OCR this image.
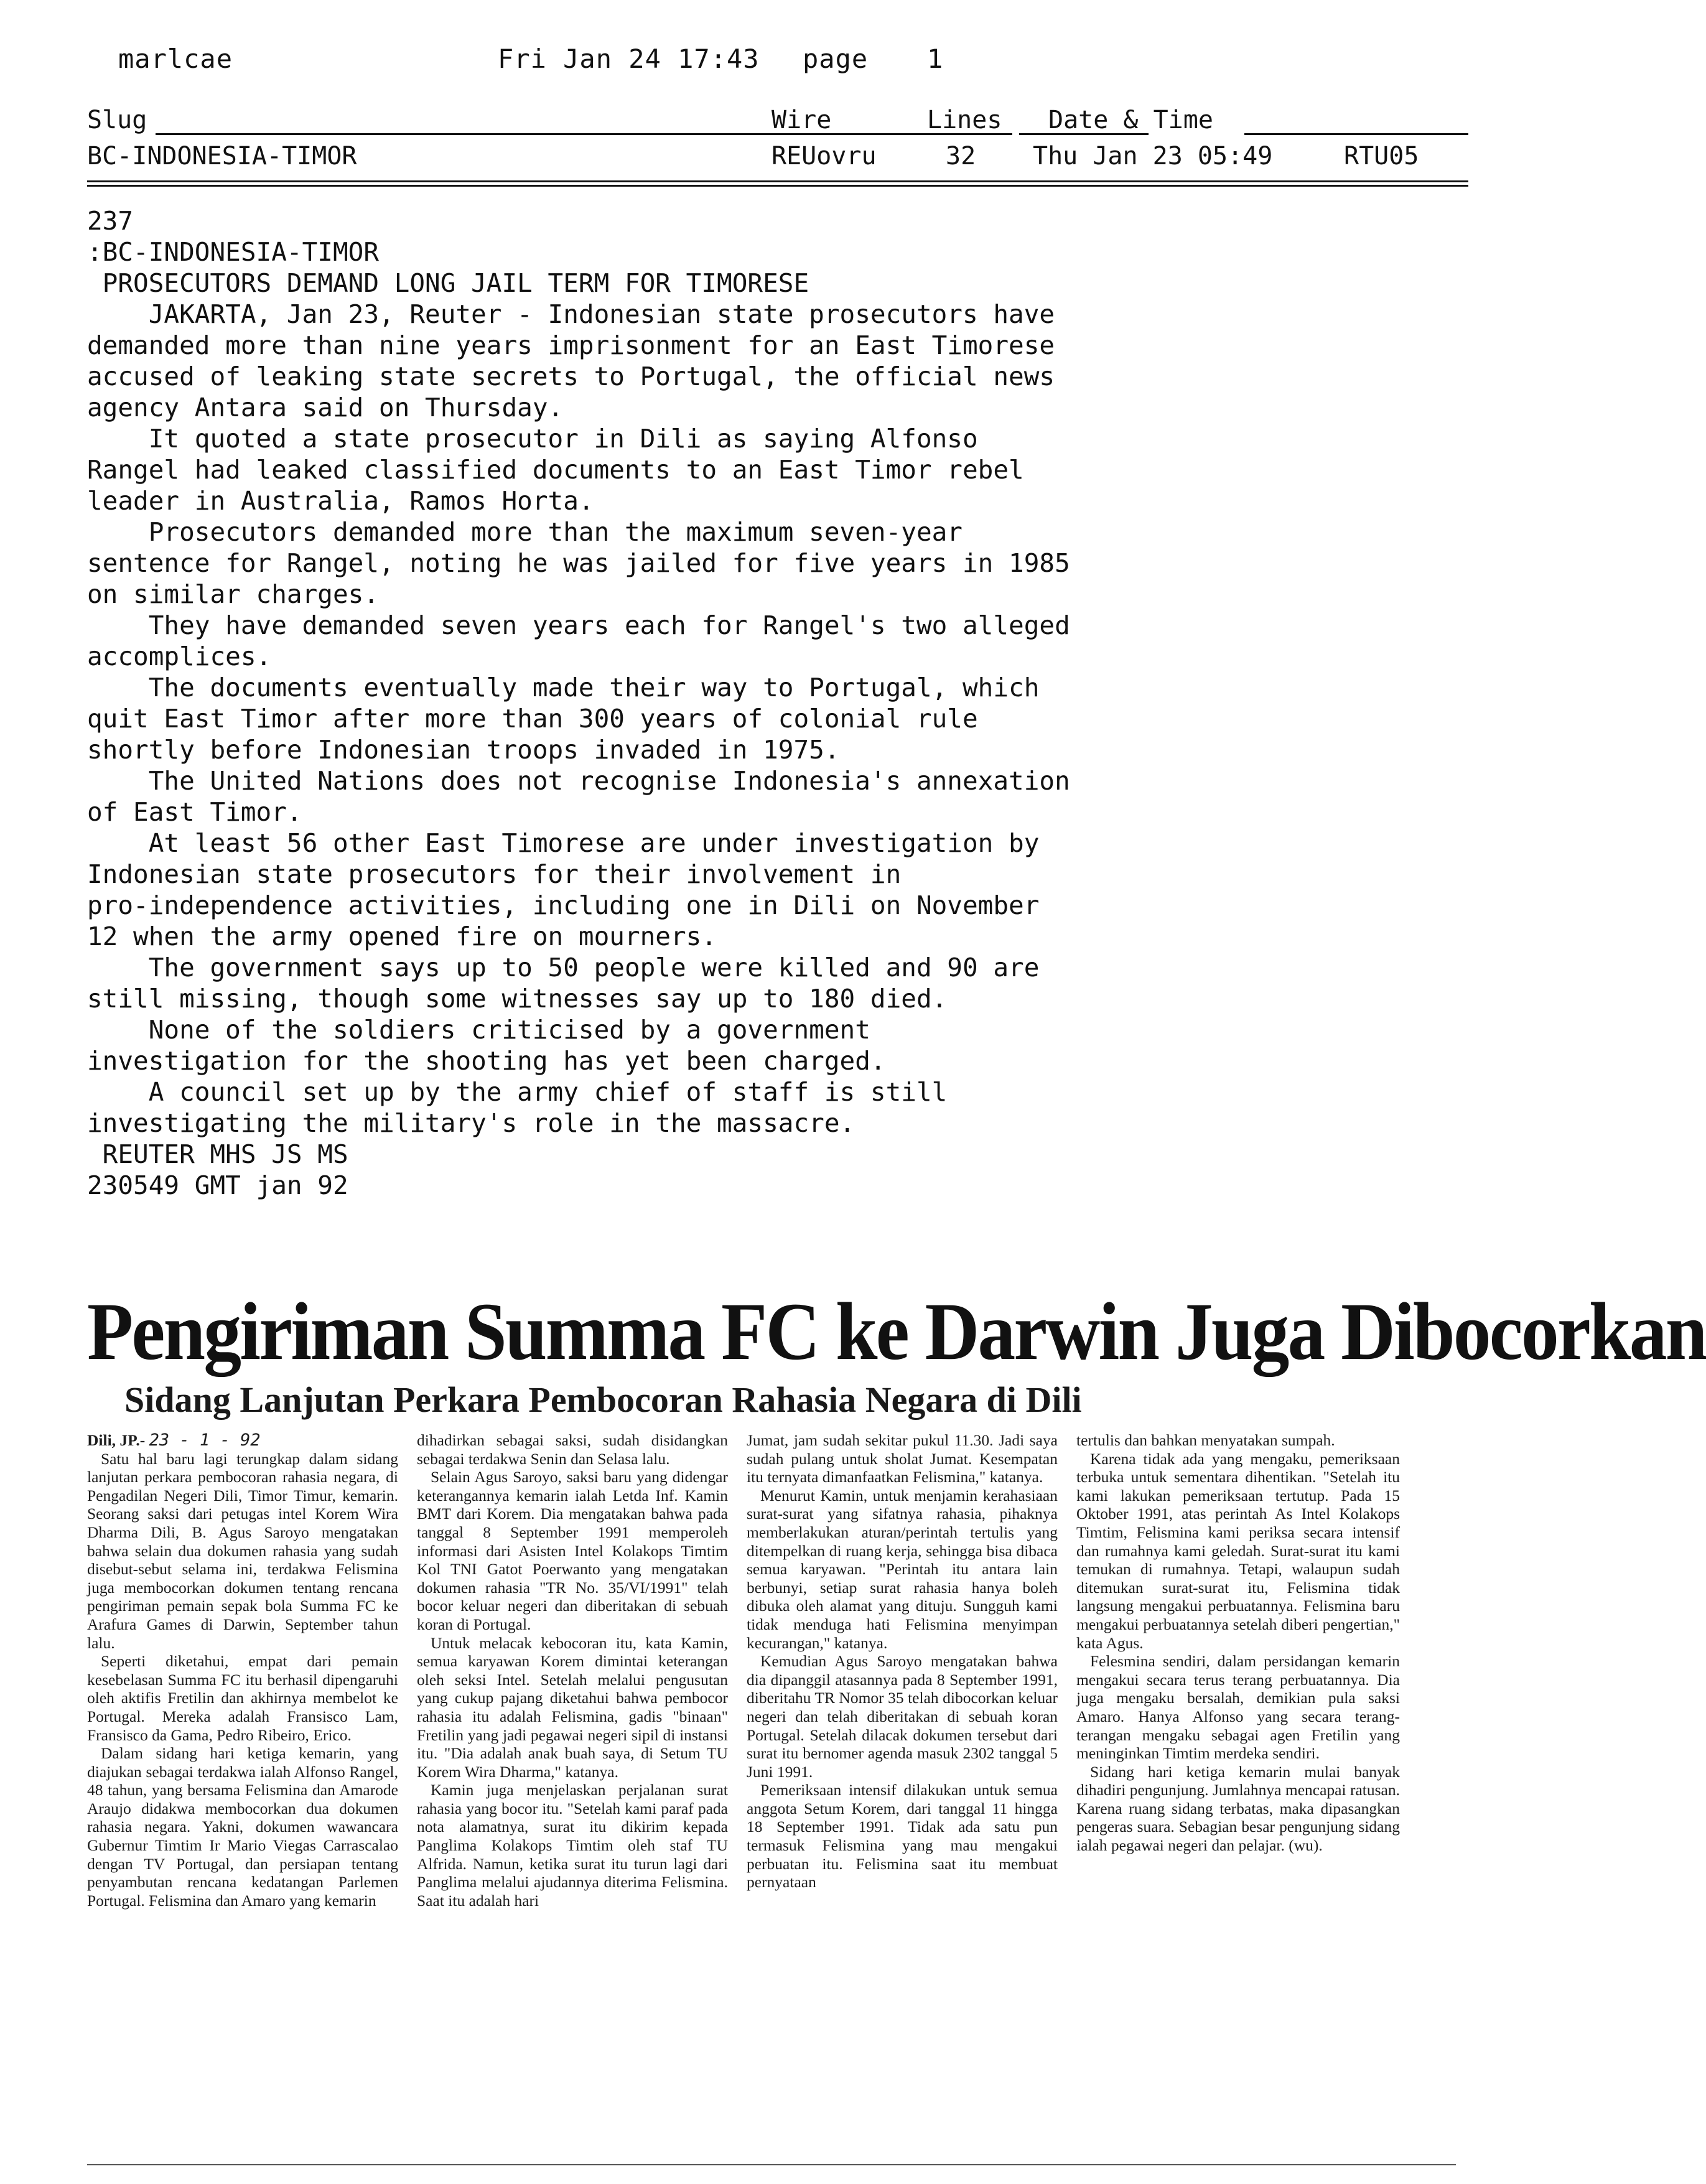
marlcae	Fri Jan 24 17:43 page 1
Slug	Wire	Lines Date & Time
BC-INDONESIA-TIMOR	REUovru	32 Thu Jan 23 05:49	RTU05

237

:BC-INDONESIA-TIMOR

PROSECUTORS DEMAND LONG JAIL TERM FOR TIMORESE

JAKARTA, Jan 23, Reuter - Indonesian state prosecutors have

demanded more than nine years imprisonment for an East Timorese

accused of leaking state secrets to Portugal, the official news

agency Antara said on Thursday.

It quoted a state prosecutor in Dili as saying Alfonso

Rangel had leaked classified documents to an East Timor rebel

leader in Australia, Ramos Horta.

Prosecutors demanded more than the maximum seven-year

sentence for Rangel, noting he was jailed for five years in 1985

on similar charges.

They have demanded seven years each for Rangel's two alleged

accomplices.

The documents eventually made their way to Portugal, which

quit East Timor after more than 300 years of colonial rule

shortly before Indonesian troops invaded in 1975.

The United Nations does not recognise Indonesia's annexation

of East Timor.

At least 56 other East Timorese are under investigation by

Indonesian state prosecutors for their involvement in

pro-independence activities, including one in Dili on November

12 when the army opened fire on mourners.

The government says up to 50 people were killed and 90 are

still missing, though some witnesses say up to 180 died.

None of the soldiers criticised by a government

investigation for the shooting has yet been charged.

A council set up by the army chief of staff is still

investigating the military's role in the massacre.

REUTER MHS JS MS

230549 GMT jan 92

Pengiriman Summa FC ke Darwin Juga Dibocorkan
Sidang Lanjutan Perkara Pembocoran Rahasia Negara di Dili

Dili, JP.- 23 - 1 - 92

Satu hal baru lagi terungkap dalam sidang lanjutan perkara pembocoran rahasia negara, di Pengadilan Negeri Dili, Timor Timur, kemarin. Seorang saksi dari petugas intel Korem Wira Dharma Dili, B. Agus Saroyo mengatakan bahwa selain dua dokumen rahasia yang sudah disebut-sebut selama ini, terdakwa Felismina juga membocorkan dokumen tentang rencana pengiriman pemain sepak bola Summa FC ke Arafura Games di Darwin, September tahun lalu.

Seperti diketahui, empat dari pemain kesebelasan Summa FC itu berhasil dipengaruhi oleh aktifis Fretilin dan akhirnya membelot ke Portugal. Mereka adalah Fransisco Lam, Fransisco da Gama, Pedro Ribeiro, Erico.

Dalam sidang hari ketiga kemarin, yang diajukan sebagai terdakwa ialah Alfonso Rangel, 48 tahun, yang bersama Felismina dan Amarode Araujo didakwa membocorkan dua dokumen rahasia negara. Yakni, dokumen wawancara Gubernur Timtim Ir Mario Viegas Carrascalao dengan TV Portugal, dan persiapan tentang penyambutan rencana kedatangan Parlemen Portugal. Felismina dan Amaro yang kemarin

dihadirkan sebagai saksi, sudah disidangkan sebagai terdakwa Senin dan Selasa lalu.

Selain Agus Saroyo, saksi baru yang didengar keterangannya kemarin ialah Letda Inf. Kamin BMT dari Korem. Dia mengatakan bahwa pada tanggal 8 September 1991 memperoleh informasi dari Asisten Intel Kolakops Timtim Kol TNI Gatot Poerwanto yang mengatakan dokumen rahasia "TR No. 35/VI/1991" telah bocor keluar negeri dan diberitakan di sebuah koran di Portugal.

Untuk melacak kebocoran itu, kata Kamin, semua karyawan Korem dimintai keterangan oleh seksi Intel. Setelah melalui pengusutan yang cukup pajang diketahui bahwa pembocor rahasia itu adalah Felismina, gadis "binaan" Fretilin yang jadi pegawai negeri sipil di instansi itu. "Dia adalah anak buah saya, di Setum TU Korem Wira Dharma," katanya.

Kamin juga menjelaskan perjalanan surat rahasia yang bocor itu. "Setelah kami paraf pada nota alamatnya, surat itu dikirim kepada Panglima Kolakops Timtim oleh staf TU Alfrida. Namun, ketika surat itu turun lagi dari Panglima melalui ajudannya diterima Felismina. Saat itu adalah hari

Jumat, jam sudah sekitar pukul 11.30. Jadi saya sudah pulang untuk sholat Jumat. Kesempatan itu ternyata dimanfaatkan Felismina," katanya.

Menurut Kamin, untuk menjamin kerahasiaan surat-surat yang sifatnya rahasia, pihaknya memberlakukan aturan/perintah tertulis yang ditempelkan di ruang kerja, sehingga bisa dibaca semua karyawan. "Perintah itu antara lain berbunyi, setiap surat rahasia hanya boleh dibuka oleh alamat yang dituju. Sungguh kami tidak menduga hati Felismina menyimpan kecurangan," katanya.

Kemudian Agus Saroyo mengatakan bahwa dia dipanggil atasannya pada 8 September 1991, diberitahu TR Nomor 35 telah dibocorkan keluar negeri dan telah diberitakan di sebuah koran Portugal. Setelah dilacak dokumen tersebut dari surat itu bernomer agenda masuk 2302 tanggal 5 Juni 1991.

Pemeriksaan intensif dilakukan untuk semua anggota Setum Korem, dari tanggal 11 hingga 18 September 1991. Tidak ada satu pun termasuk Felismina yang mau mengakui perbuatan itu. Felismina saat itu membuat pernyataan

tertulis dan bahkan menyatakan sumpah.

Karena tidak ada yang mengaku, pemeriksaan terbuka untuk sementara dihentikan. "Setelah itu kami lakukan pemeriksaan tertutup. Pada 15 Oktober 1991, atas perintah As Intel Kolakops Timtim, Felismina kami periksa secara intensif dan rumahnya kami geledah. Surat-surat itu kami temukan di rumahnya. Tetapi, walaupun sudah ditemukan surat-surat itu, Felismina tidak langsung mengakui perbuatannya. Felismina baru mengakui perbuatannya setelah diberi pengertian," kata Agus.

Felesmina sendiri, dalam persidangan kemarin mengakui secara terus terang perbuatannya. Dia juga mengaku bersalah, demikian pula saksi Amaro. Hanya Alfonso yang secara terang-terangan mengaku sebagai agen Fretilin yang meninginkan Timtim merdeka sendiri.

Sidang hari ketiga kemarin mulai banyak dihadiri pengunjung. Jumlahnya mencapai ratusan. Karena ruang sidang terbatas, maka dipasangkan pengeras suara. Sebagian besar pengunjung sidang ialah pegawai negeri dan pelajar. (wu).
